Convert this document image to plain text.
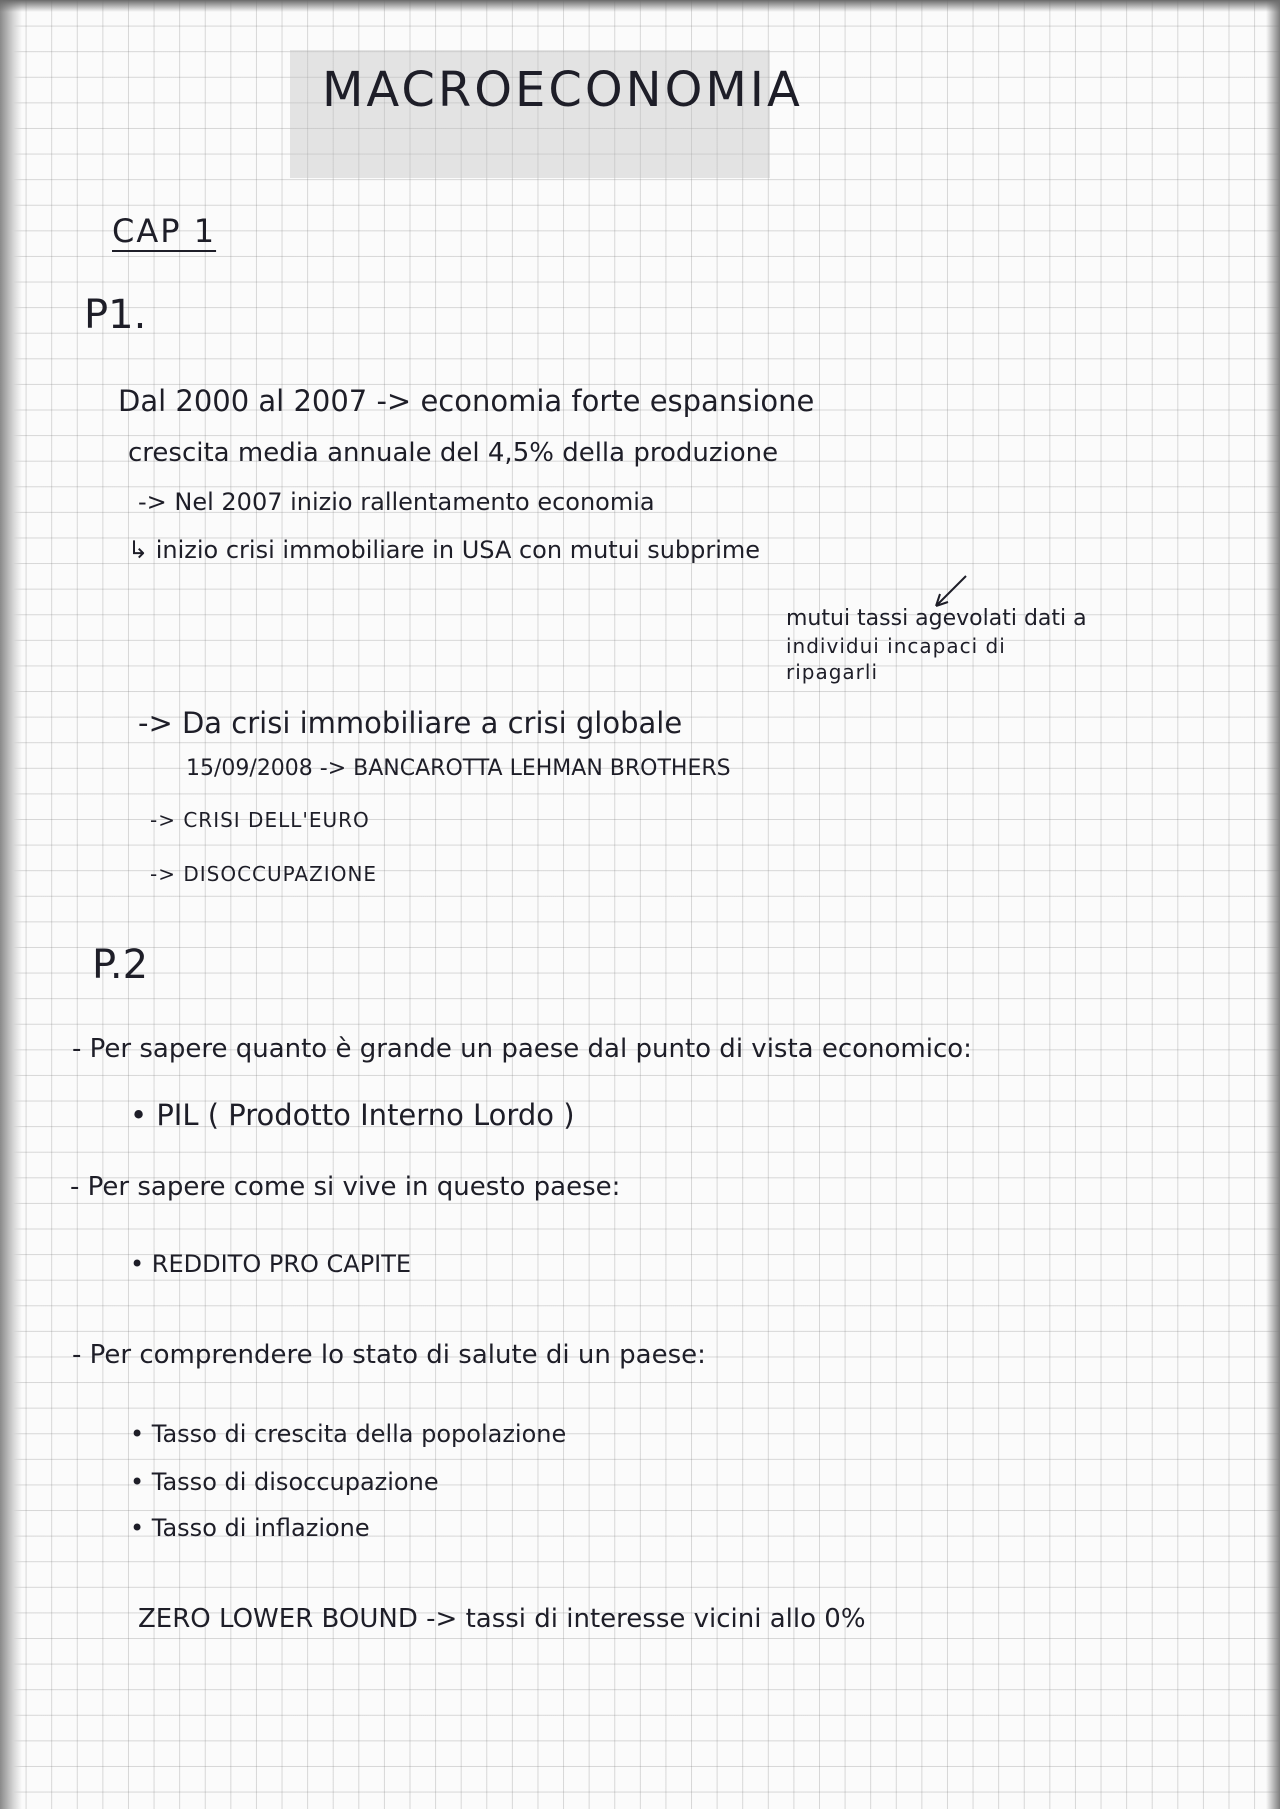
MACROECONOMIA
CAP 1
P1.
Dal 2000 al 2007 -> economia forte espansione
crescita media annuale del 4,5% della produzione
-> Nel 2007 inizio rallentamento economia
↳ inizio crisi immobiliare in USA con mutui subprime
mutui tassi agevolati dati a
individui incapaci di
ripagarli
-> Da crisi immobiliare a crisi globale
15/09/2008 -> BANCAROTTA LEHMAN BROTHERS
-> CRISI DELL'EURO
-> DISOCCUPAZIONE
P.2
- Per sapere quanto è grande un paese dal punto di vista economico:
• PIL ( Prodotto Interno Lordo )
- Per sapere come si vive in questo paese:
• REDDITO PRO CAPITE
- Per comprendere lo stato di salute di un paese:
• Tasso di crescita della popolazione
• Tasso di disoccupazione
• Tasso di inflazione
ZERO LOWER BOUND -> tassi di interesse vicini allo 0%
